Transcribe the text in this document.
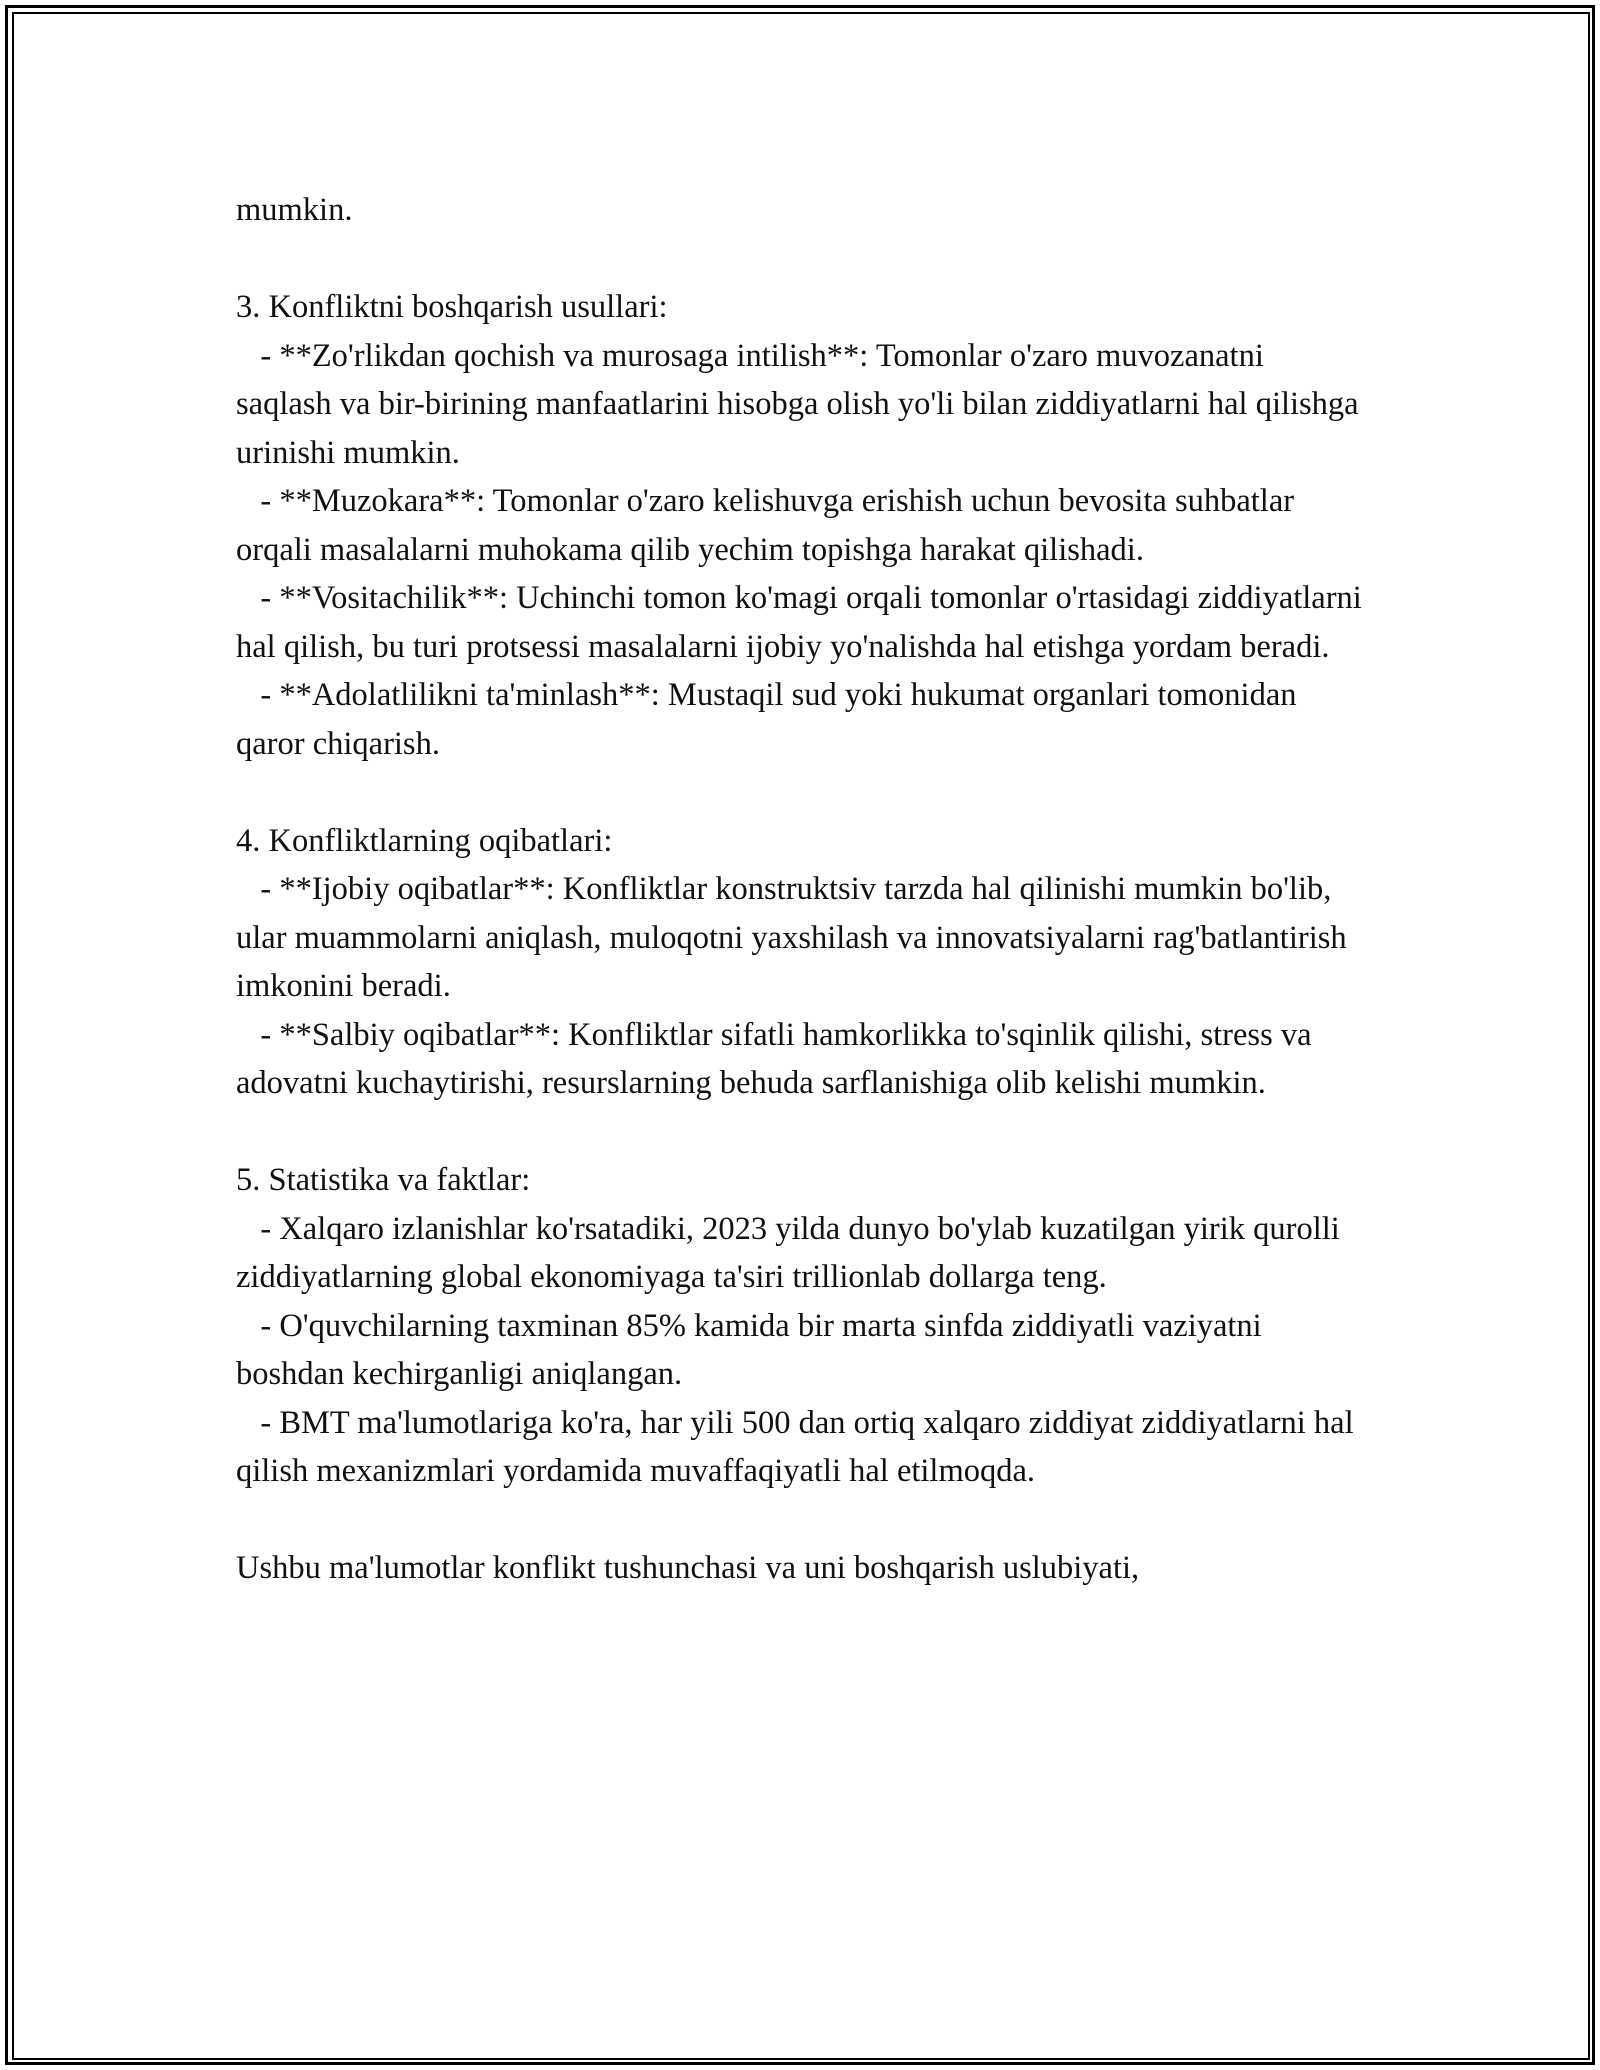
mumkin.

3. Konfliktni boshqarish usullari:

- **Zo'rlikdan qochish va murosaga intilish**: Tomonlar o'zaro muvozanatni saqlash va bir-birining manfaatlarini hisobga olish yo'li bilan ziddiyatlarni hal qilishga urinishi mumkin.

- **Muzokara**: Tomonlar o'zaro kelishuvga erishish uchun bevosita suhbatlar orqali masalalarni muhokama qilib yechim topishga harakat qilishadi.

- **Vositachilik**: Uchinchi tomon ko'magi orqali tomonlar o'rtasidagi ziddiyatlarni hal qilish, bu turi protsessi masalalarni ijobiy yo'nalishda hal etishga yordam beradi.

- **Adolatlilikni ta'minlash**: Mustaqil sud yoki hukumat organlari tomonidan qaror chiqarish.

4. Konfliktlarning oqibatlari:

- **Ijobiy oqibatlar**: Konfliktlar konstruktsiv tarzda hal qilinishi mumkin bo'lib, ular muammolarni aniqlash, muloqotni yaxshilash va innovatsiyalarni rag'batlantirish imkonini beradi.

- **Salbiy oqibatlar**: Konfliktlar sifatli hamkorlikka to'sqinlik qilishi, stress va adovatni kuchaytirishi, resurslarning behuda sarflanishiga olib kelishi mumkin.

5. Statistika va faktlar:

- Xalqaro izlanishlar ko'rsatadiki, 2023 yilda dunyo bo'ylab kuzatilgan yirik qurolli ziddiyatlarning global ekonomiyaga ta'siri trillionlab dollarga teng.

- O'quvchilarning taxminan 85% kamida bir marta sinfda ziddiyatli vaziyatni boshdan kechirganligi aniqlangan.

- BMT ma'lumotlariga ko'ra, har yili 500 dan ortiq xalqaro ziddiyat ziddiyatlarni hal qilish mexanizmlari yordamida muvaffaqiyatli hal etilmoqda.

Ushbu ma'lumotlar konflikt tushunchasi va uni boshqarish uslubiyati,
